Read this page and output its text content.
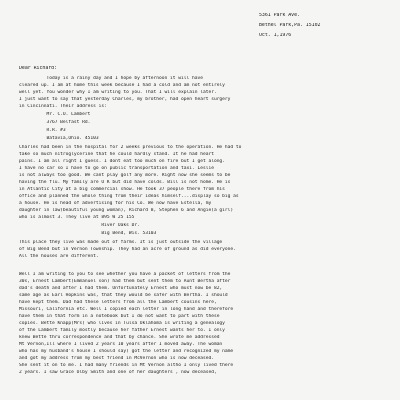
5361 Park Ave.
Bethel Park,Pa. 15102
Oct. 1,1976
Dear Richard:
Today is a rainy day and I hope by afternoon it will have
cleared up. I am at home this week because I had a cold and am not entirely
well yet. You wonder why I am writing to you. That I will explain later.
I just want to say that yesterday Charles, my brother, had open heart surgery
in Cincinnati. Their address is:
Mr. C.O. Lambert
3767 Belfast Rd.
R.R. #3
Batavia,Ohio. 45103
Charles had been in the hospital for 2 weeks previous to the operation. He had to
take so much nitroglycerine that he could hardly stand. It he had heart
pains. I am all right I guess. I dont eat too much on fire but I get along.
I have no car so I have to go on public transportation and taxi. Leslie
is not always too good. We cant play golf any more. Right now she seems to be
having the flu. My family are O K but did have colds. Bill is not home. He is
in Atlantic City at a big commercial show. He took 37 people there from his
office and planned the whole thing from their ideas himself....display so big as
a house. He is head of advertising for his Co. We now have Estella, my
daughter in law(beautiful young woman), Richard 8, Stephen 6 and Angie(a girl)
who is almost 3. They live at 895 W 25 155
River Oaks Dr.
Big Bend, Wis. 53103
This place they live was made out of farms. It is just outside the village
of Big Bend but in Vernon Township. They had an acre of ground as did everyone.
All the houses are different.
Well I am writing to you to see whether you have a packet of letters from the
30s, Ernest Lambert(Emmanuel son) had them but sent them to Aunt Bertha after
dad's death and after I had them. Unfortunately Ernest who must now be 82,
same age as Earl Hopkins was, that they would be safer with Bertha. I should
have kept them. Dad had these letters from all the Lambert cousins here,
Missouri, California etc. Well I copied each letter in long hand and therefore
have them in that form in a notebook but I do not want to part with these
copies. Bette Knapp(Mrs) who lives in Tulsa Oklahoma is writing a genealogy
of the Lambert family mostly because her father Ernest wants her to. I only
knew Bette thru correspondence and that by chance. She wrote me addressed
Mt Vernon,Ill where I lived 2 years 10 years after I moved away. The woman
who has my husband's house I should say) got the letter and recognized my name
and got my address from my best friend in McVernon who is now deceased.
She sent it on to me. I had many friends in Mt Vernon altho I only lived there
2 years. I saw Grace Olby Smith and one of her daughters , now deceased,
